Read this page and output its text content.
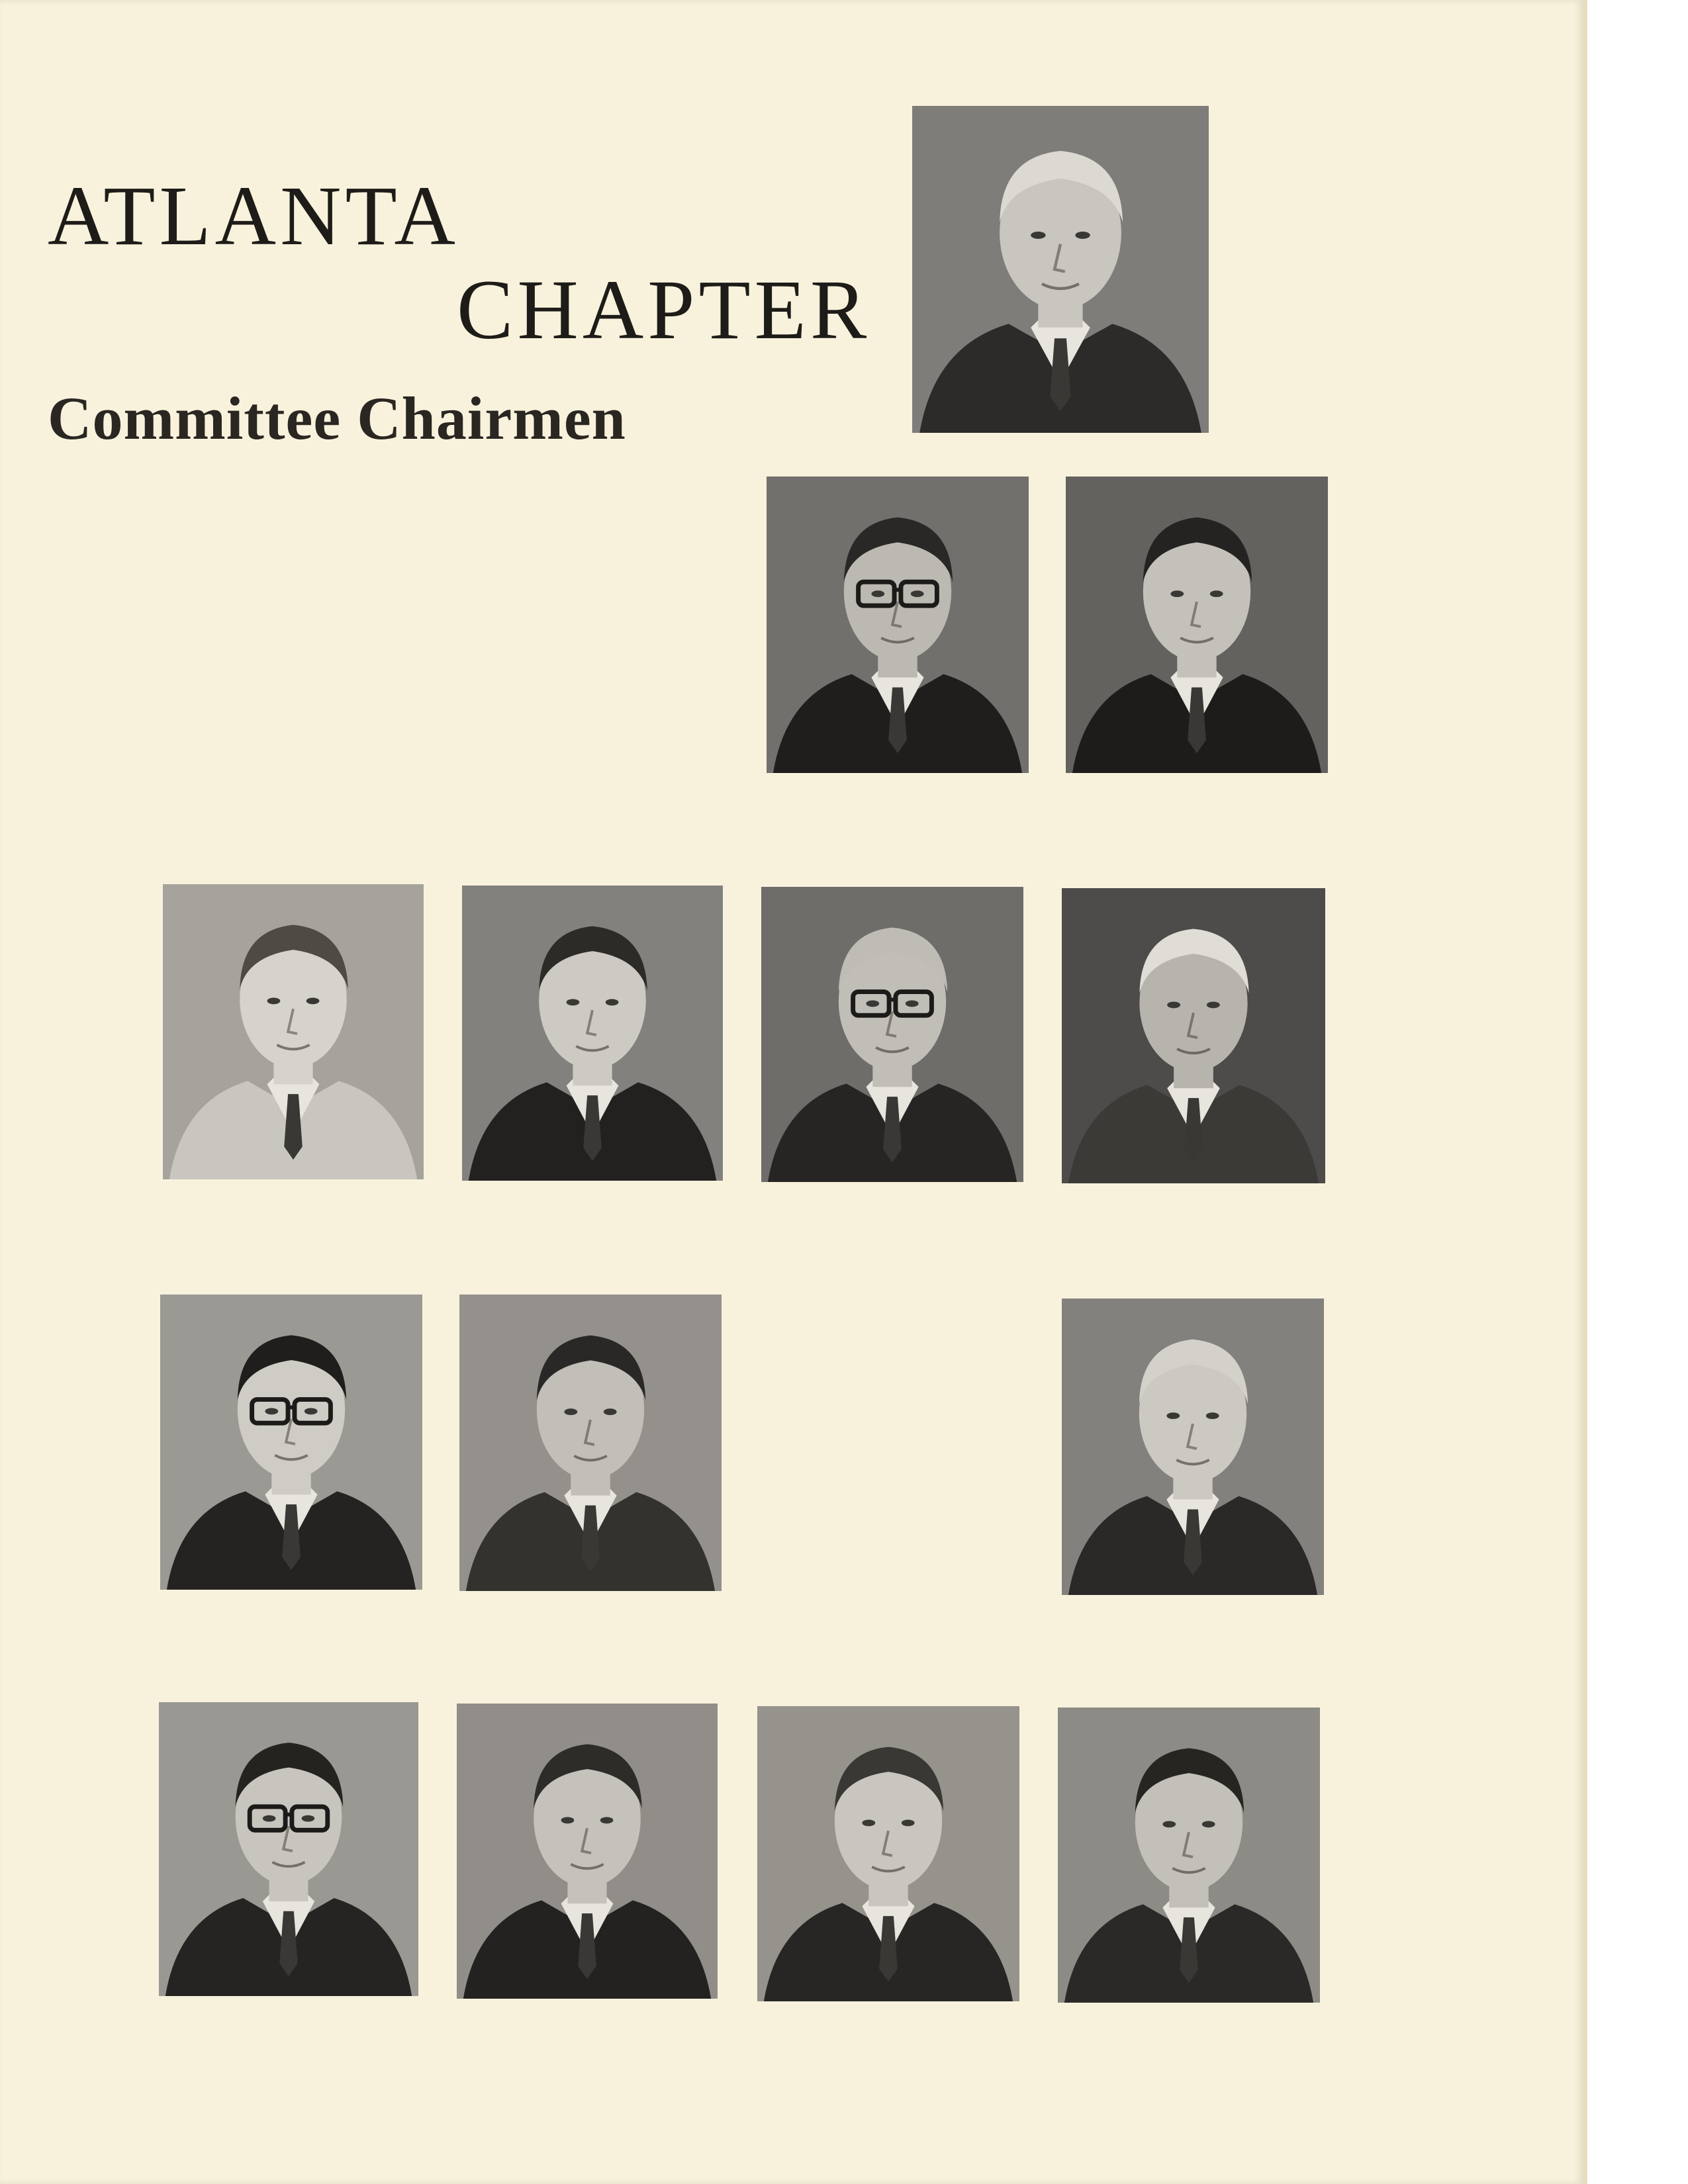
ATLANTA
CHAPTER
Committee Chairmen
